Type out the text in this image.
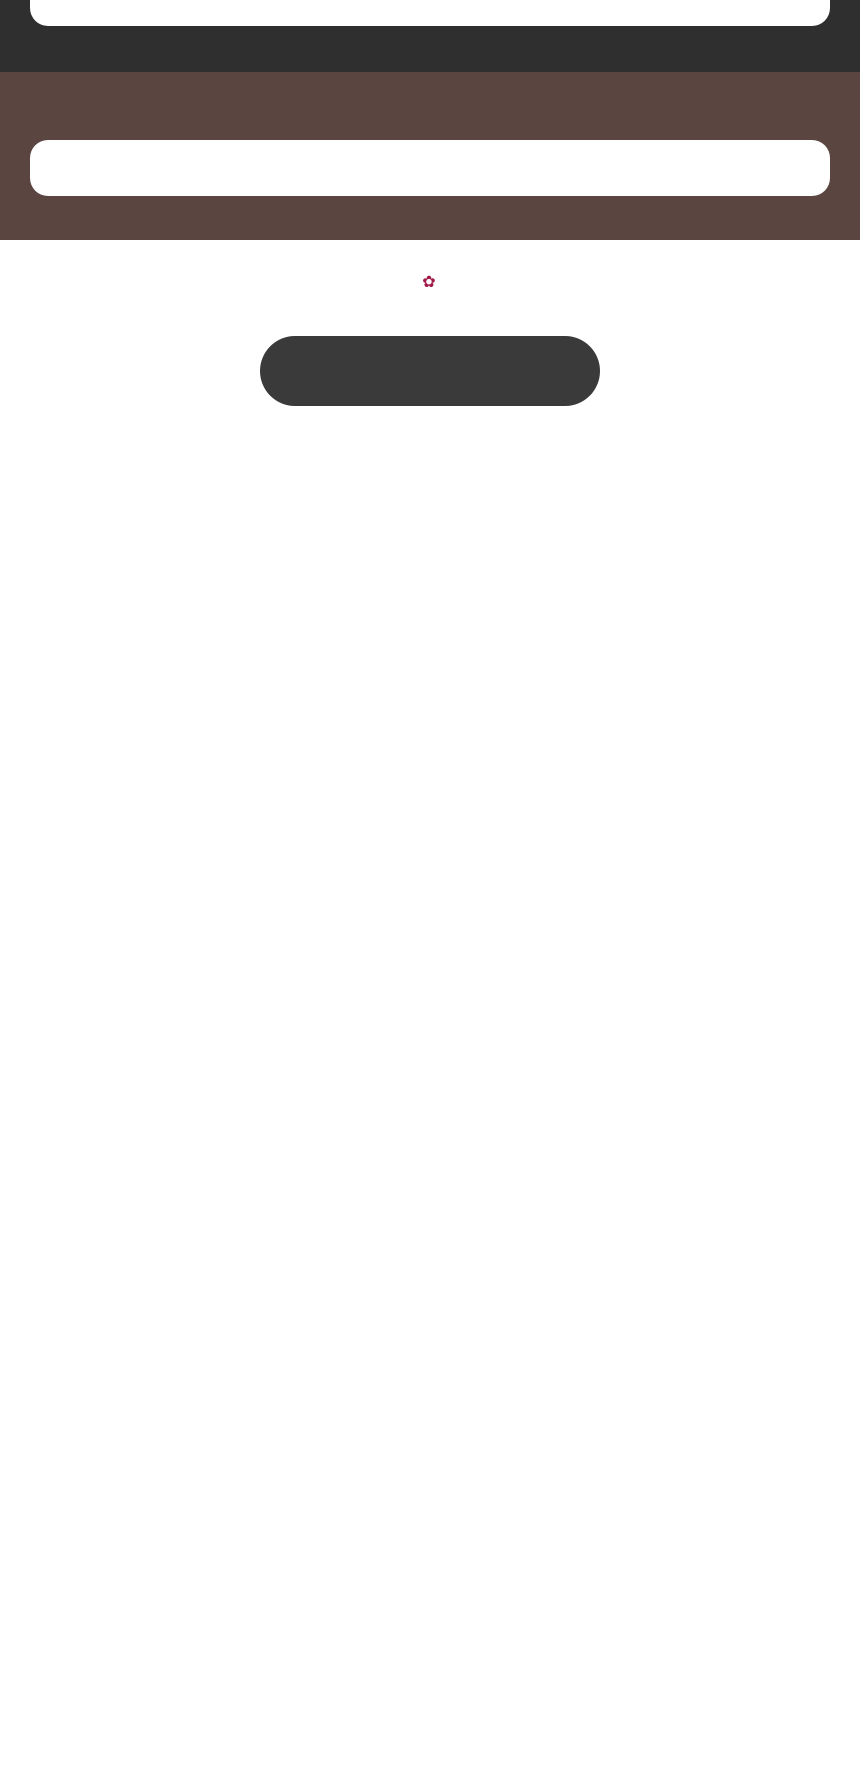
✿
